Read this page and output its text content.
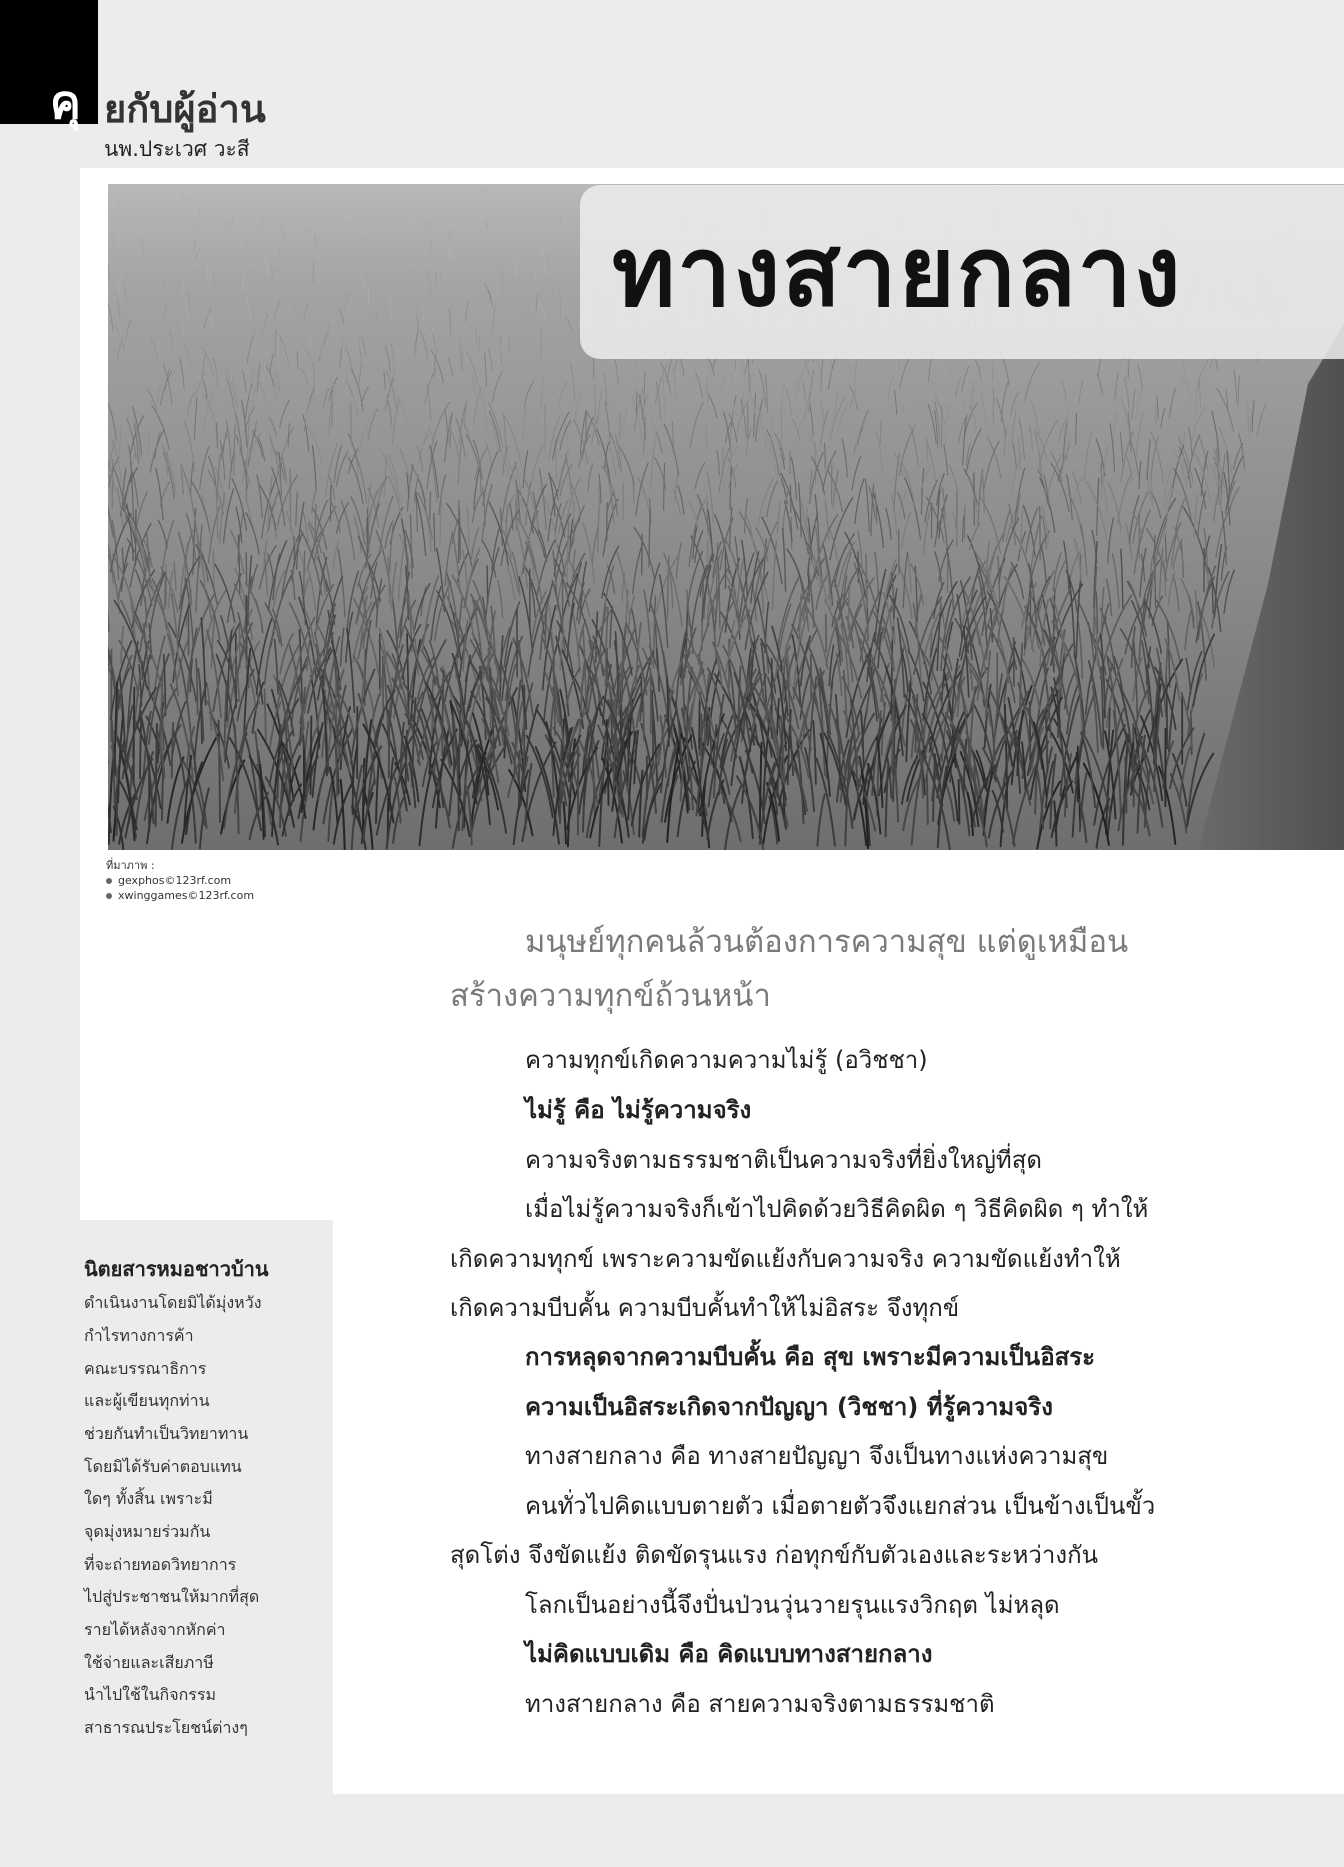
คุ ยกับผู้อ่าน
นพ.ประเวศ วะสี
ทางสายกลาง
ที่มาภาพ :
gexphos©123rf.com
xwinggames©123rf.com
นิตยสารหมอชาวบ้าน
ดำเนินงานโดยมิได้มุ่งหวัง
กำไรทางการค้า
คณะบรรณาธิการ
และผู้เขียนทุกท่าน
ช่วยกันทำเป็นวิทยาทาน
โดยมิได้รับค่าตอบแทน
ใดๆ ทั้งสิ้น เพราะมี
จุดมุ่งหมายร่วมกัน
ที่จะถ่ายทอดวิทยาการ
ไปสู่ประชาชนให้มากที่สุด
รายได้หลังจากหักค่า
ใช้จ่ายและเสียภาษี
นำไปใช้ในกิจกรรม
สาธารณประโยชน์ต่างๆ
มนุษย์ทุกคนล้วนต้องการความสุข แต่ดูเหมือน
สร้างความทุกข์ถ้วนหน้า
ความทุกข์เกิดความความไม่รู้ (อวิชชา)
ไม่รู้ คือ ไม่รู้ความจริง
ความจริงตามธรรมชาติเป็นความจริงที่ยิ่งใหญ่ที่สุด
เมื่อไม่รู้ความจริงก็เข้าไปคิดด้วยวิธีคิดผิด ๆ วิธีคิดผิด ๆ ทำให้
เกิดความทุกข์ เพราะความขัดแย้งกับความจริง ความขัดแย้งทำให้
เกิดความบีบคั้น ความบีบคั้นทำให้ไม่อิสระ จึงทุกข์
การหลุดจากความบีบคั้น คือ สุข เพราะมีความเป็นอิสระ
ความเป็นอิสระเกิดจากปัญญา (วิชชา) ที่รู้ความจริง
ทางสายกลาง คือ ทางสายปัญญา จึงเป็นทางแห่งความสุข
คนทั่วไปคิดแบบตายตัว เมื่อตายตัวจึงแยกส่วน เป็นข้างเป็นขั้ว
สุดโต่ง จึงขัดแย้ง ติดขัดรุนแรง ก่อทุกข์กับตัวเองและระหว่างกัน
โลกเป็นอย่างนี้จึงปั่นป่วนวุ่นวายรุนแรงวิกฤต ไม่หลุด
ไม่คิดแบบเดิม คือ คิดแบบทางสายกลาง
ทางสายกลาง คือ สายความจริงตามธรรมชาติ
